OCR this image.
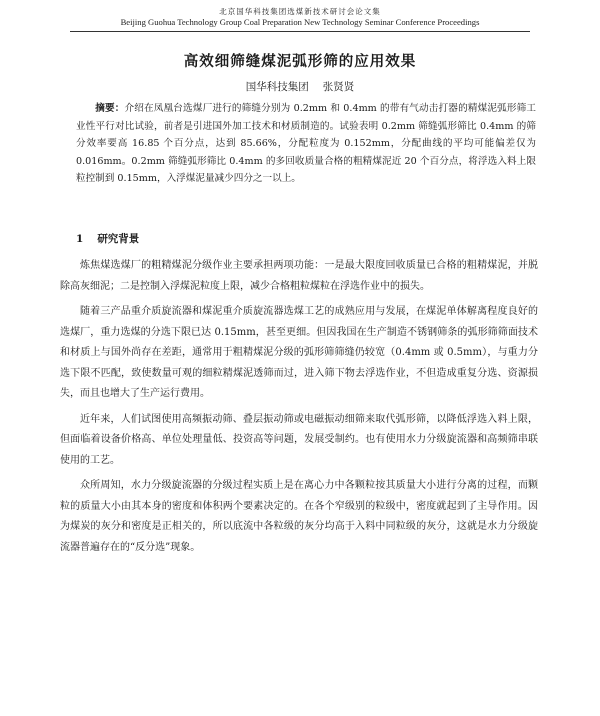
北京国华科技集团选煤新技术研讨会论文集
Beijing Guohua Technology Group Coal Preparation New Technology Seminar Conference Proceedings
高效细筛缝煤泥弧形筛的应用效果
国华科技集团 张贤贤
摘要：介绍在凤凰台选煤厂进行的筛缝分别为 0.2mm 和 0.4mm 的带有气动击打器的精煤泥弧形筛工业性平行对比试验，前者是引进国外加工技术和材质制造的。试验表明 0.2mm 筛缝弧形筛比 0.4mm 的筛分效率要高 16.85 个百分点，达到 85.66%，分配粒度为 0.152mm，分配曲线的平均可能偏差仅为 0.016mm。0.2mm 筛缝弧形筛比 0.4mm 的多回收质量合格的粗精煤泥近 20 个百分点，将浮选入料上限粒控制到 0.15mm，入浮煤泥量减少四分之一以上。
1 研究背景

炼焦煤选煤厂的粗精煤泥分级作业主要承担两项功能：一是最大限度回收质量已合格的粗精煤泥，并脱除高灰细泥；二是控制入浮煤泥粒度上限，减少合格粗粒煤粒在浮选作业中的损失。

随着三产品重介质旋流器和煤泥重介质旋流器选煤工艺的成熟应用与发展，在煤泥单体解离程度良好的选煤厂，重力选煤的分选下限已达 0.15mm，甚至更细。但因我国在生产制造不锈钢筛条的弧形筛筛面技术和材质上与国外尚存在差距，通常用于粗精煤泥分级的弧形筛筛缝仍较宽（0.4mm 或 0.5mm），与重力分选下限不匹配，致使数量可观的细粒精煤泥透筛而过，进入筛下物去浮选作业，不但造成重复分选、资源损失，而且也增大了生产运行费用。

近年来，人们试图使用高频振动筛、叠层振动筛或电磁振动细筛来取代弧形筛，以降低浮选入料上限，但面临着设备价格高、单位处理量低、投资高等问题，发展受制约。也有使用水力分级旋流器和高频筛串联使用的工艺。

众所周知，水力分级旋流器的分级过程实质上是在离心力中各颗粒按其质量大小进行分离的过程，而颗粒的质量大小由其本身的密度和体积两个要素决定的。在各个窄级别的粒级中，密度就起到了主导作用。因为煤炭的灰分和密度是正相关的，所以底流中各粒级的灰分均高于入料中同粒级的灰分，这就是水力分级旋流器普遍存在的“反分选”现象。
